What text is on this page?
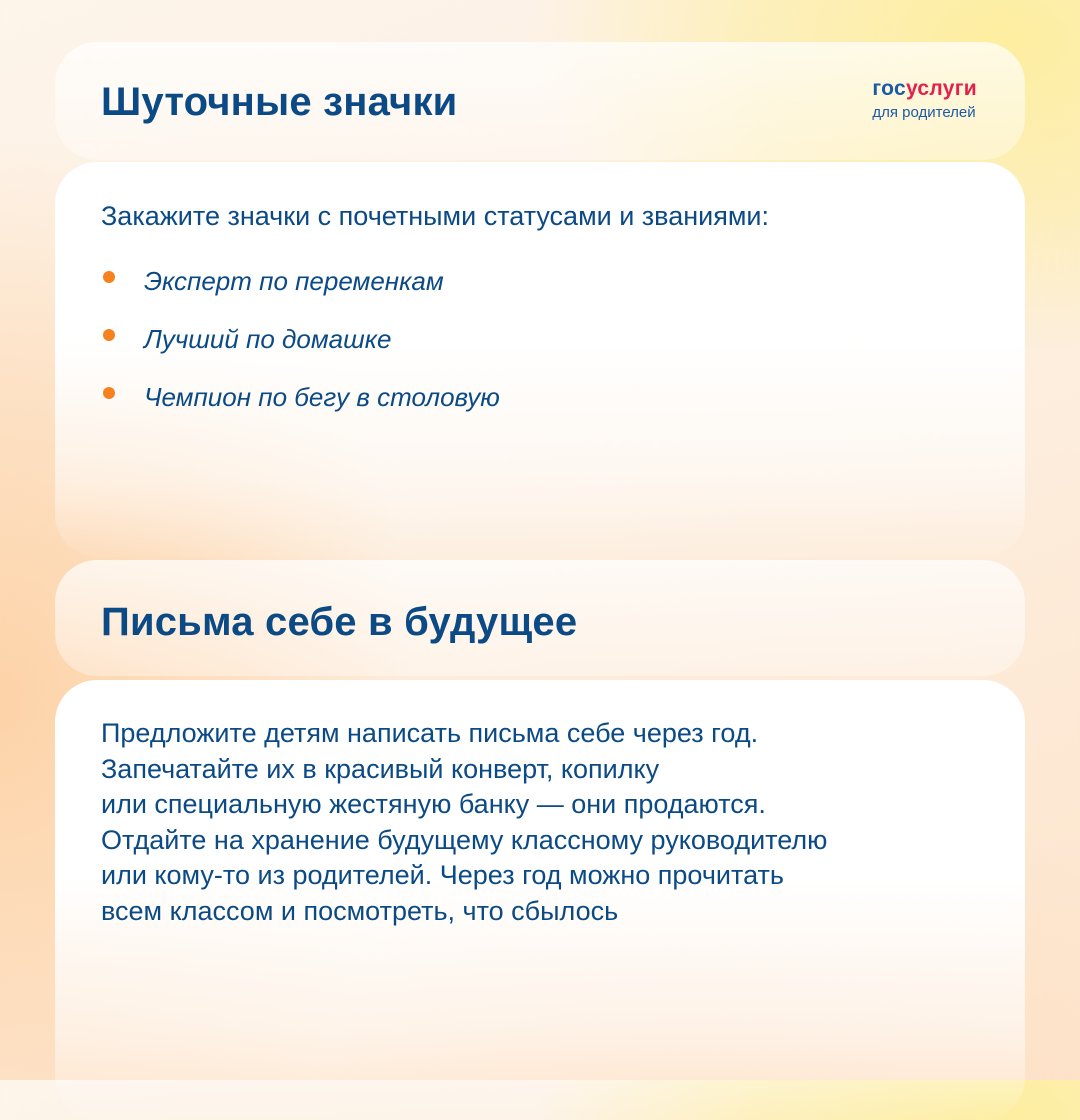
Шуточные значки	госуслуги
для родителей

Закажите значки с почетными статусами и званиями:

Эксперт по переменкам
Лучший по домашке
Чемпион по бегу в столовую
Письма себе в будущее

Предложите детям написать письма себе через год.
Запечатайте их в красивый конверт, копилку
или специальную жестяную банку — они продаются.
Отдайте на хранение будущему классному руководителю
или кому-то из родителей. Через год можно прочитать
всем классом и посмотреть, что сбылось
